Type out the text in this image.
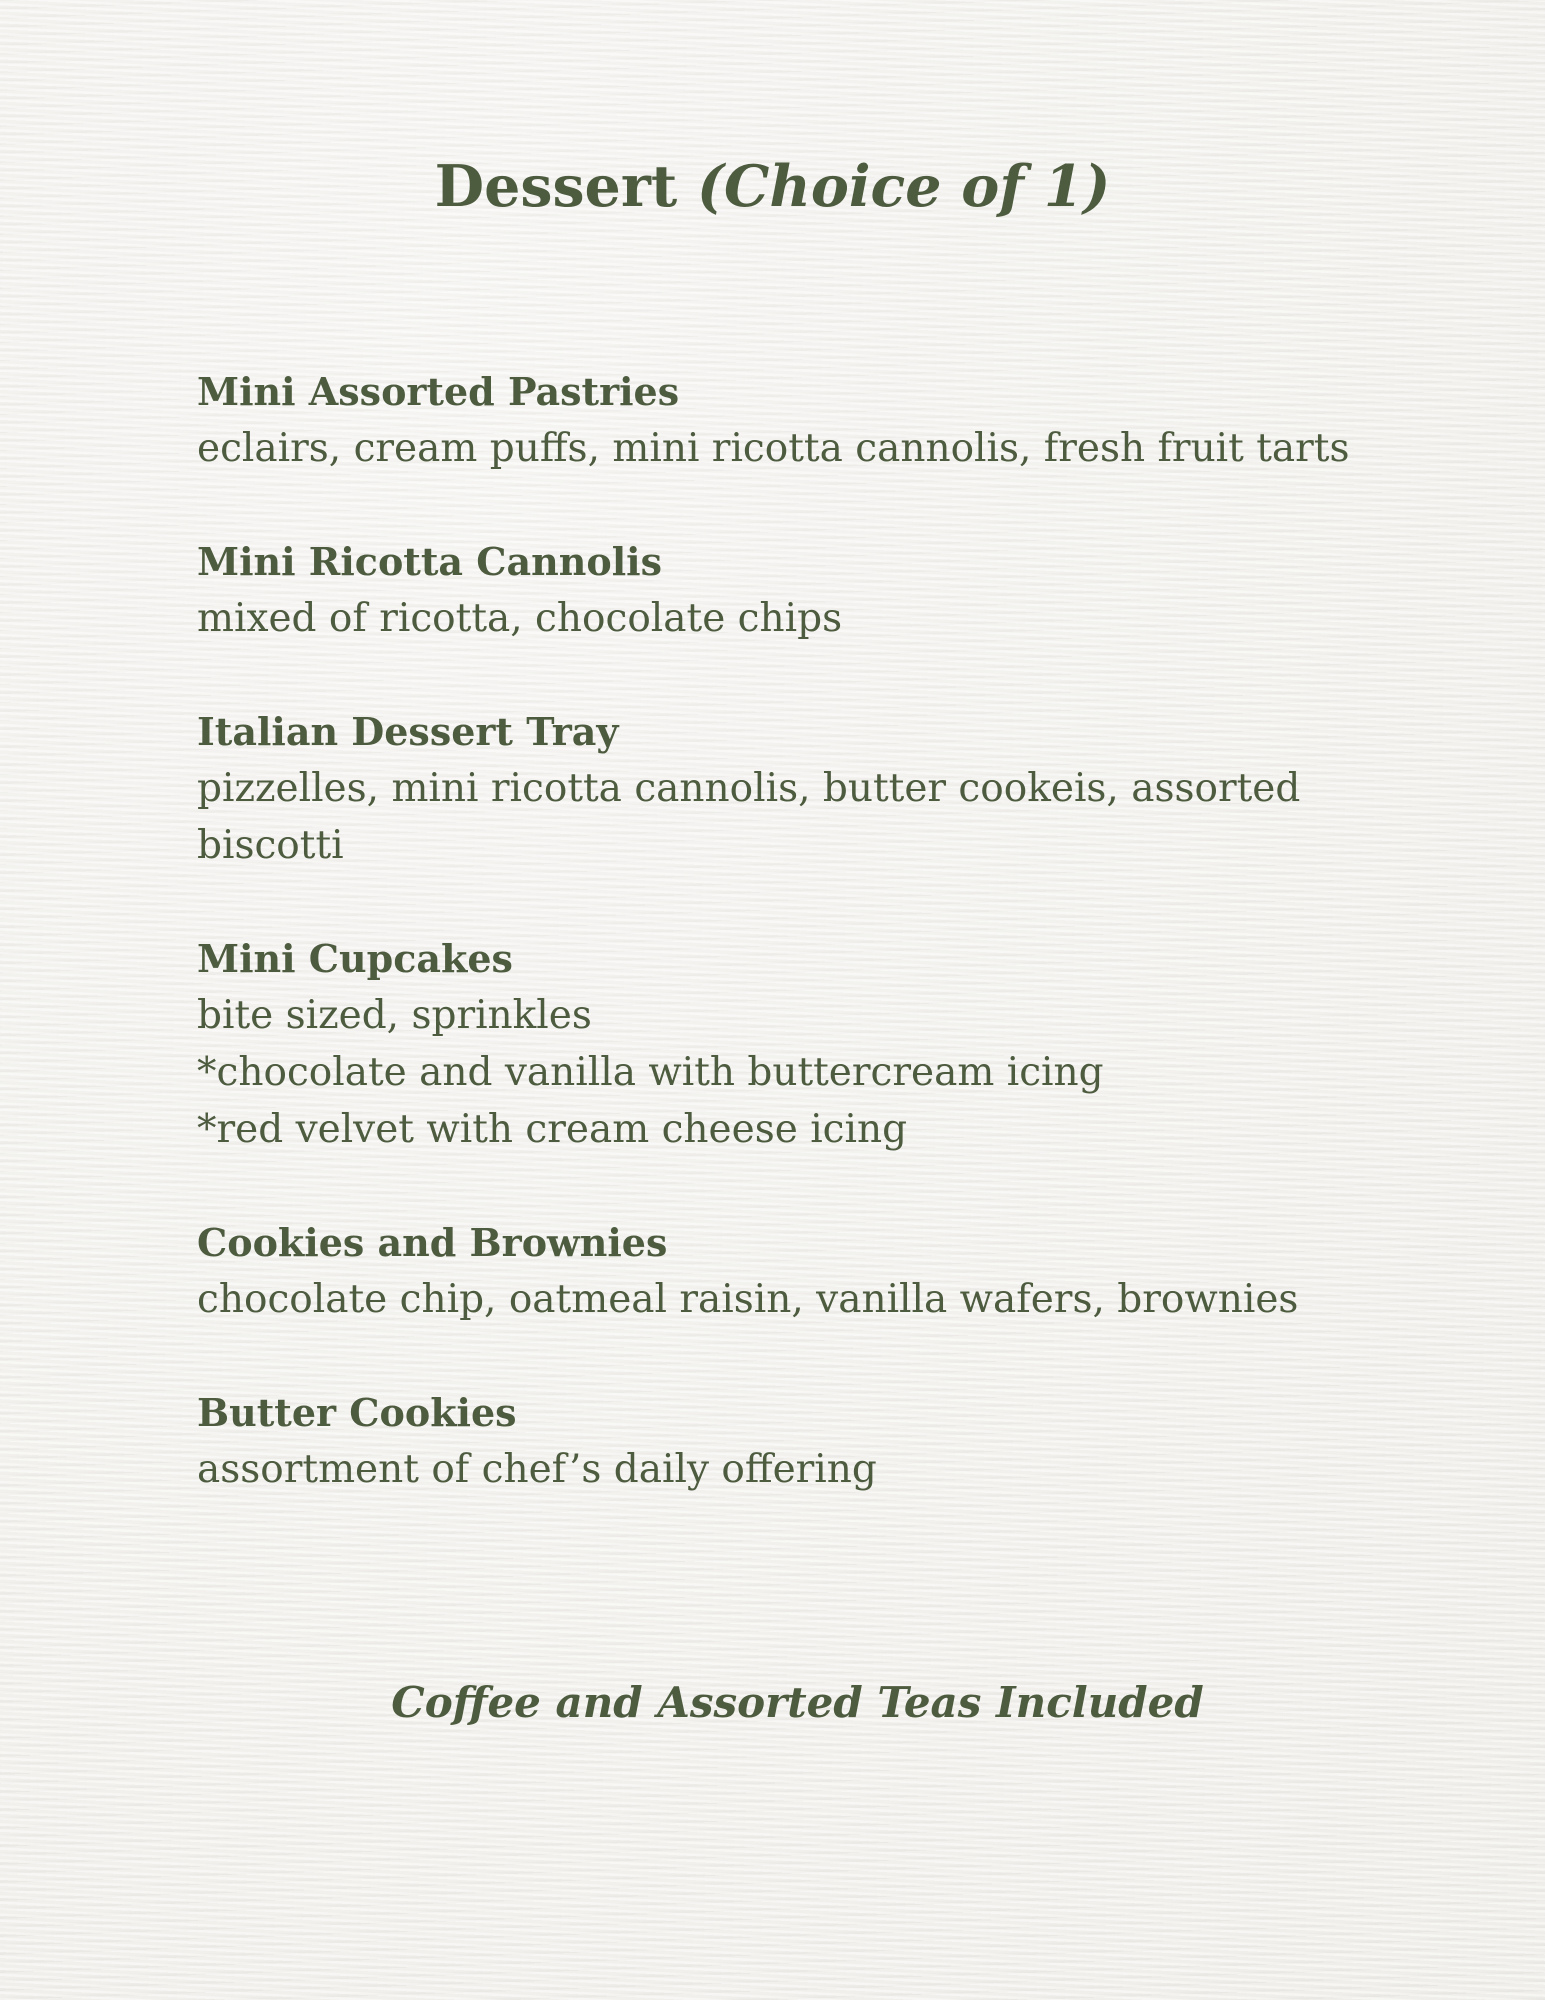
Dessert (Choice of 1)
Mini Assorted Pastries
eclairs, cream puffs, mini ricotta cannolis, fresh fruit tarts
Mini Ricotta Cannolis
mixed of ricotta, chocolate chips
Italian Dessert Tray
pizzelles, mini ricotta cannolis, butter cookeis, assorted
biscotti
Mini Cupcakes
bite sized, sprinkles
*chocolate and vanilla with buttercream icing
*red velvet with cream cheese icing
Cookies and Brownies
chocolate chip, oatmeal raisin, vanilla wafers, brownies
Butter Cookies
assortment of chef’s daily offering
Coffee and Assorted Teas Included
